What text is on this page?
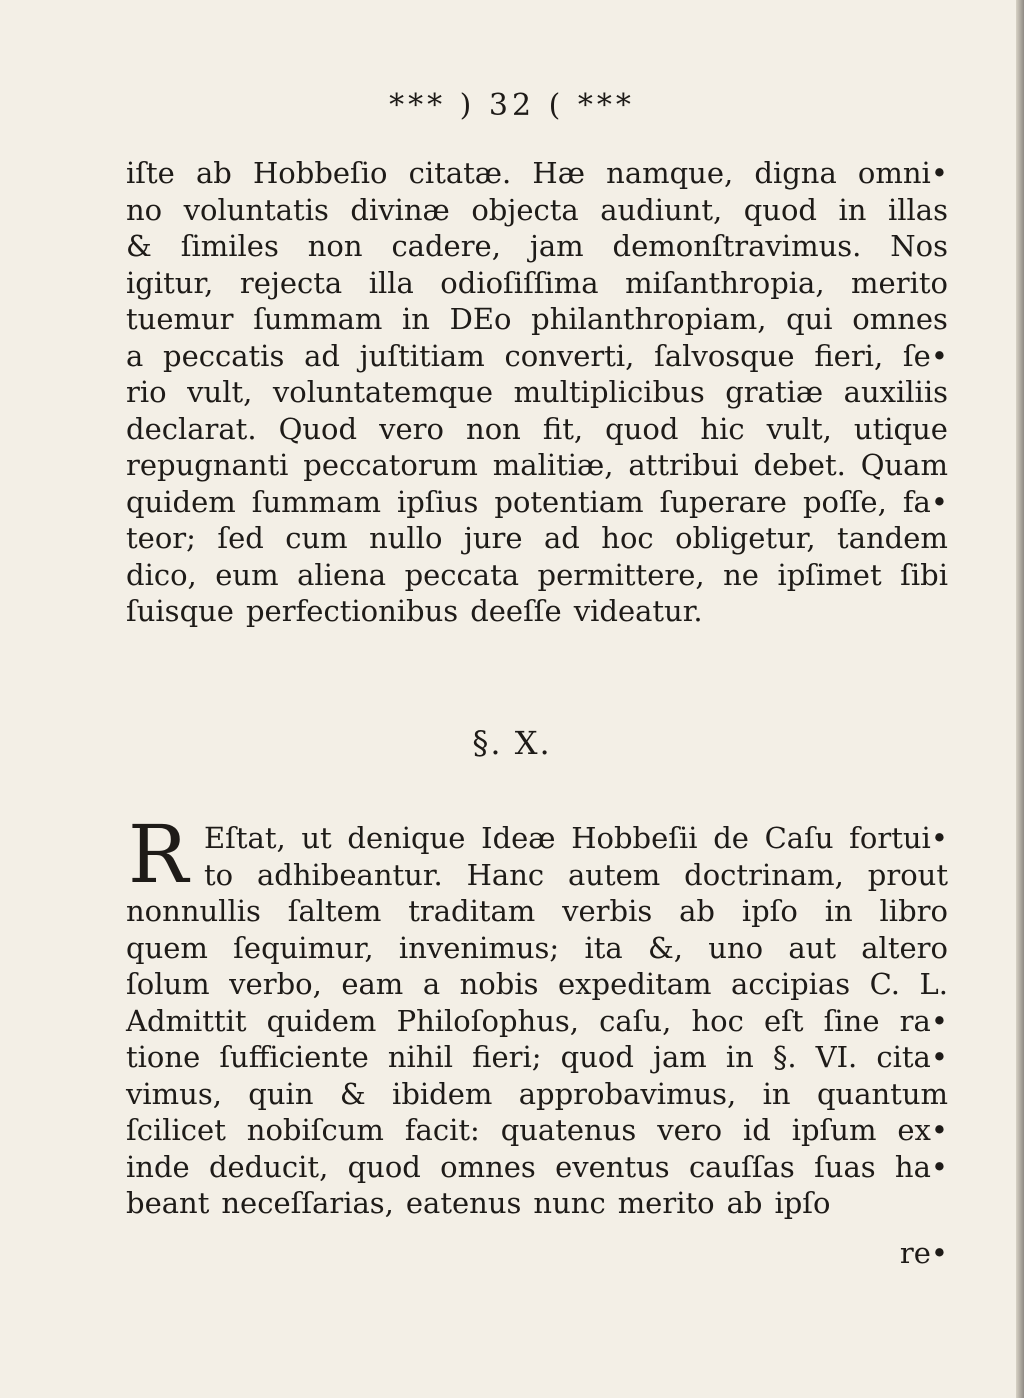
*** ) 32 ( ***
iſte ab Hobbeſio citatæ. Hæ namque, digna omni•
no voluntatis divinæ objecta audiunt, quod in illas
& ſimiles non cadere, jam demonſtravimus. Nos
igitur, rejecta illa odioſiſſima miſanthropia, merito
tuemur ſummam in DEo philanthropiam, qui omnes
a peccatis ad juſtitiam converti, ſalvosque fieri, ſe•
rio vult, voluntatemque multiplicibus gratiæ auxiliis
declarat. Quod vero non fit, quod hic vult, utique
repugnanti peccatorum malitiæ, attribui debet. Quam
quidem ſummam ipſius potentiam ſuperare poſſe, fa•
teor; ſed cum nullo jure ad hoc obligetur, tandem
dico, eum aliena peccata permittere, ne ipſimet ſibi
ſuisque perfectionibus deeſſe videatur.
§. X.
R Eſtat, ut denique Ideæ Hobbeſii de Caſu fortui•
to adhibeantur. Hanc autem doctrinam, prout
nonnullis ſaltem traditam verbis ab ipſo in libro
quem ſequimur, invenimus; ita &, uno aut altero
ſolum verbo, eam a nobis expeditam accipias C. L.
Admittit quidem Philoſophus, caſu, hoc eſt ſine ra•
tione ſufficiente nihil fieri; quod jam in §. VI. cita•
vimus, quin & ibidem approbavimus, in quantum
ſcilicet nobiſcum facit: quatenus vero id ipſum ex•
inde deducit, quod omnes eventus cauſſas ſuas ha•
beant neceſſarias, eatenus nunc merito ab ipſo
re•
